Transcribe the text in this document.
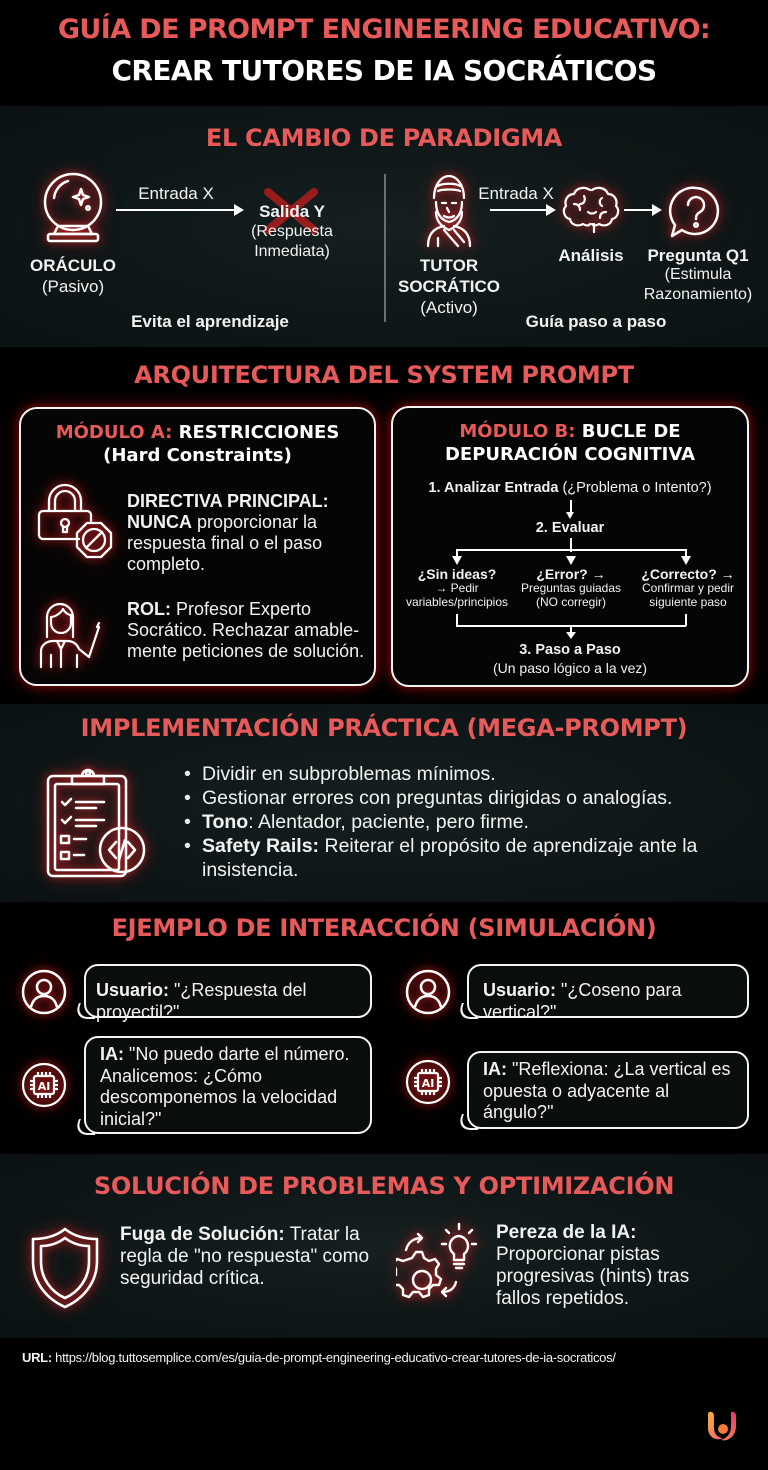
GUÍA DE PROMPT ENGINEERING EDUCATIVO:
CREAR TUTORES DE IA SOCRÁTICOS
EL CAMBIO DE PARADIGMA
ORÁCULO
(Pasivo)
Entrada X
Salida Y
(Respuesta
Inmediata)
Evita el aprendizaje
TUTOR
SOCRÁTICO
(Activo)
Entrada X
Análisis	Pregunta Q1
(Estimula
Razonamiento)
Guía paso a paso
ARQUITECTURA DEL SYSTEM PROMPT
MÓDULO A: RESTRICCIONES
(Hard Constraints)
DIRECTIVA PRINCIPAL:
NUNCA proporcionar la respuesta final o el paso completo.
ROL: Profesor Experto Socrático. Rechazar amable-mente peticiones de solución.
MÓDULO B: BUCLE DE
DEPURACIÓN COGNITIVA
1. Analizar Entrada (¿Problema o Intento?)
2. Evaluar
¿Sin ideas?
→ Pedir
variables/principios
¿Error? →
Preguntas guiadas
(NO corregir)
¿Correcto? →
Confirmar y pedir
siguiente paso
3. Paso a Paso
(Un paso lógico a la vez)
IMPLEMENTACIÓN PRÁCTICA (MEGA-PROMPT)
• Dividir en subproblemas mínimos.
• Gestionar errores con preguntas dirigidas o analogías.
• Tono: Alentador, paciente, pero firme.
• Safety Rails: Reiterar el propósito de aprendizaje ante la insistencia.
EJEMPLO DE INTERACCIÓN (SIMULACIÓN)
Usuario: "¿Respuesta del proyectil?"
AI
IA: "No puedo darte el número. Analicemos: ¿Cómo descomponemos la velocidad inicial?"
Usuario: "¿Coseno para vertical?"
AI
IA: "Reflexiona: ¿La vertical es opuesta o adyacente al ángulo?"
SOLUCIÓN DE PROBLEMAS Y OPTIMIZACIÓN
Fuga de Solución: Tratar la regla de "no respuesta" como seguridad crítica.
Pereza de la IA: Proporcionar pistas progresivas (hints) tras fallos repetidos.
URL: https://blog.tuttosemplice.com/es/guia-de-prompt-engineering-educativo-crear-tutores-de-ia-socraticos/
